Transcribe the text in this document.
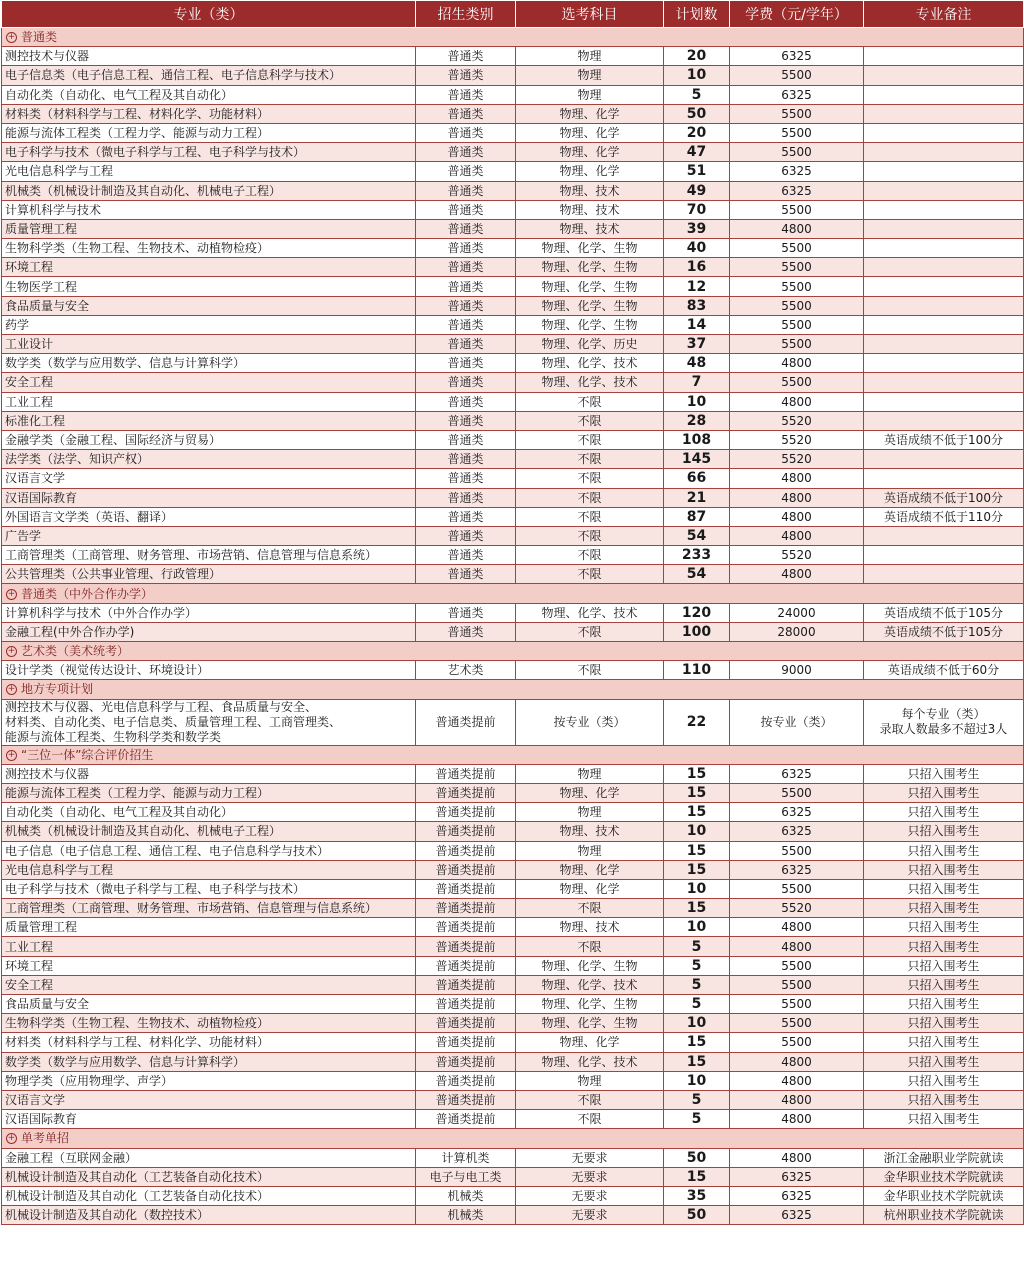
专业（类）	招生类别	选考科目	计划数	学费（元/学年）	专业备注
+ 普通类					
测控技术与仪器	普通类	物理	20	6325	
电子信息类（电子信息工程、通信工程、电子信息科学与技术）	普通类	物理	10	5500	
自动化类（自动化、电气工程及其自动化）	普通类	物理	5	6325	
材料类（材料科学与工程、材料化学、功能材料）	普通类	物理、化学	50	5500	
能源与流体工程类（工程力学、能源与动力工程）	普通类	物理、化学	20	5500	
电子科学与技术（微电子科学与工程、电子科学与技术）	普通类	物理、化学	47	5500	
光电信息科学与工程	普通类	物理、化学	51	6325	
机械类（机械设计制造及其自动化、机械电子工程）	普通类	物理、技术	49	6325	
计算机科学与技术	普通类	物理、技术	70	5500	
质量管理工程	普通类	物理、技术	39	4800	
生物科学类（生物工程、生物技术、动植物检疫）	普通类	物理、化学、生物	40	5500	
环境工程	普通类	物理、化学、生物	16	5500	
生物医学工程	普通类	物理、化学、生物	12	5500	
食品质量与安全	普通类	物理、化学、生物	83	5500	
药学	普通类	物理、化学、生物	14	5500	
工业设计	普通类	物理、化学、历史	37	5500	
数学类（数学与应用数学、信息与计算科学）	普通类	物理、化学、技术	48	4800	
安全工程	普通类	物理、化学、技术	7	5500	
工业工程	普通类	不限	10	4800	
标准化工程	普通类	不限	28	5520	
金融学类（金融工程、国际经济与贸易）	普通类	不限	108	5520	英语成绩不低于100分
法学类（法学、知识产权）	普通类	不限	145	5520	
汉语言文学	普通类	不限	66	4800	
汉语国际教育	普通类	不限	21	4800	英语成绩不低于100分
外国语言文学类（英语、翻译）	普通类	不限	87	4800	英语成绩不低于110分
广告学	普通类	不限	54	4800	
工商管理类（工商管理、财务管理、市场营销、信息管理与信息系统）	普通类	不限	233	5520	
公共管理类（公共事业管理、行政管理）	普通类	不限	54	4800	
+ 普通类（中外合作办学）					
计算机科学与技术（中外合作办学）	普通类	物理、化学、技术	120	24000	英语成绩不低于105分
金融工程(中外合作办学)	普通类	不限	100	28000	英语成绩不低于105分
+ 艺术类（美术统考）					
设计学类（视觉传达设计、环境设计）	艺术类	不限	110	9000	英语成绩不低于60分
+ 地方专项计划					

测控技术与仪器、光电信息科学与工程、食品质量与安全、
材料类、自动化类、电子信息类、质量管理工程、工商管理类、
能源与流体工程类、生物科学类和数学类	普通类提前	按专业（类）	22	按专业（类）	每个专业（类）
录取人数最多不超过3人

+ “三位一体”综合评价招生					
测控技术与仪器	普通类提前	物理	15	6325	只招入围考生
能源与流体工程类（工程力学、能源与动力工程）	普通类提前	物理、化学	15	5500	只招入围考生
自动化类（自动化、电气工程及其自动化）	普通类提前	物理	15	6325	只招入围考生
机械类（机械设计制造及其自动化、机械电子工程）	普通类提前	物理、技术	10	6325	只招入围考生
电子信息（电子信息工程、通信工程、电子信息科学与技术）	普通类提前	物理	15	5500	只招入围考生
光电信息科学与工程	普通类提前	物理、化学	15	6325	只招入围考生
电子科学与技术（微电子科学与工程、电子科学与技术）	普通类提前	物理、化学	10	5500	只招入围考生
工商管理类（工商管理、财务管理、市场营销、信息管理与信息系统）	普通类提前	不限	15	5520	只招入围考生
质量管理工程	普通类提前	物理、技术	10	4800	只招入围考生
工业工程	普通类提前	不限	5	4800	只招入围考生
环境工程	普通类提前	物理、化学、生物	5	5500	只招入围考生
安全工程	普通类提前	物理、化学、技术	5	5500	只招入围考生
食品质量与安全	普通类提前	物理、化学、生物	5	5500	只招入围考生
生物科学类（生物工程、生物技术、动植物检疫）	普通类提前	物理、化学、生物	10	5500	只招入围考生
材料类（材料科学与工程、材料化学、功能材料）	普通类提前	物理、化学	15	5500	只招入围考生
数学类（数学与应用数学、信息与计算科学）	普通类提前	物理、化学、技术	15	4800	只招入围考生
物理学类（应用物理学、声学）	普通类提前	物理	10	4800	只招入围考生
汉语言文学	普通类提前	不限	5	4800	只招入围考生
汉语国际教育	普通类提前	不限	5	4800	只招入围考生
+ 单考单招					
金融工程（互联网金融）	计算机类	无要求	50	4800	浙江金融职业学院就读
机械设计制造及其自动化（工艺装备自动化技术）	电子与电工类	无要求	15	6325	金华职业技术学院就读
机械设计制造及其自动化（工艺装备自动化技术）	机械类	无要求	35	6325	金华职业技术学院就读
机械设计制造及其自动化（数控技术）	机械类	无要求	50	6325	杭州职业技术学院就读
